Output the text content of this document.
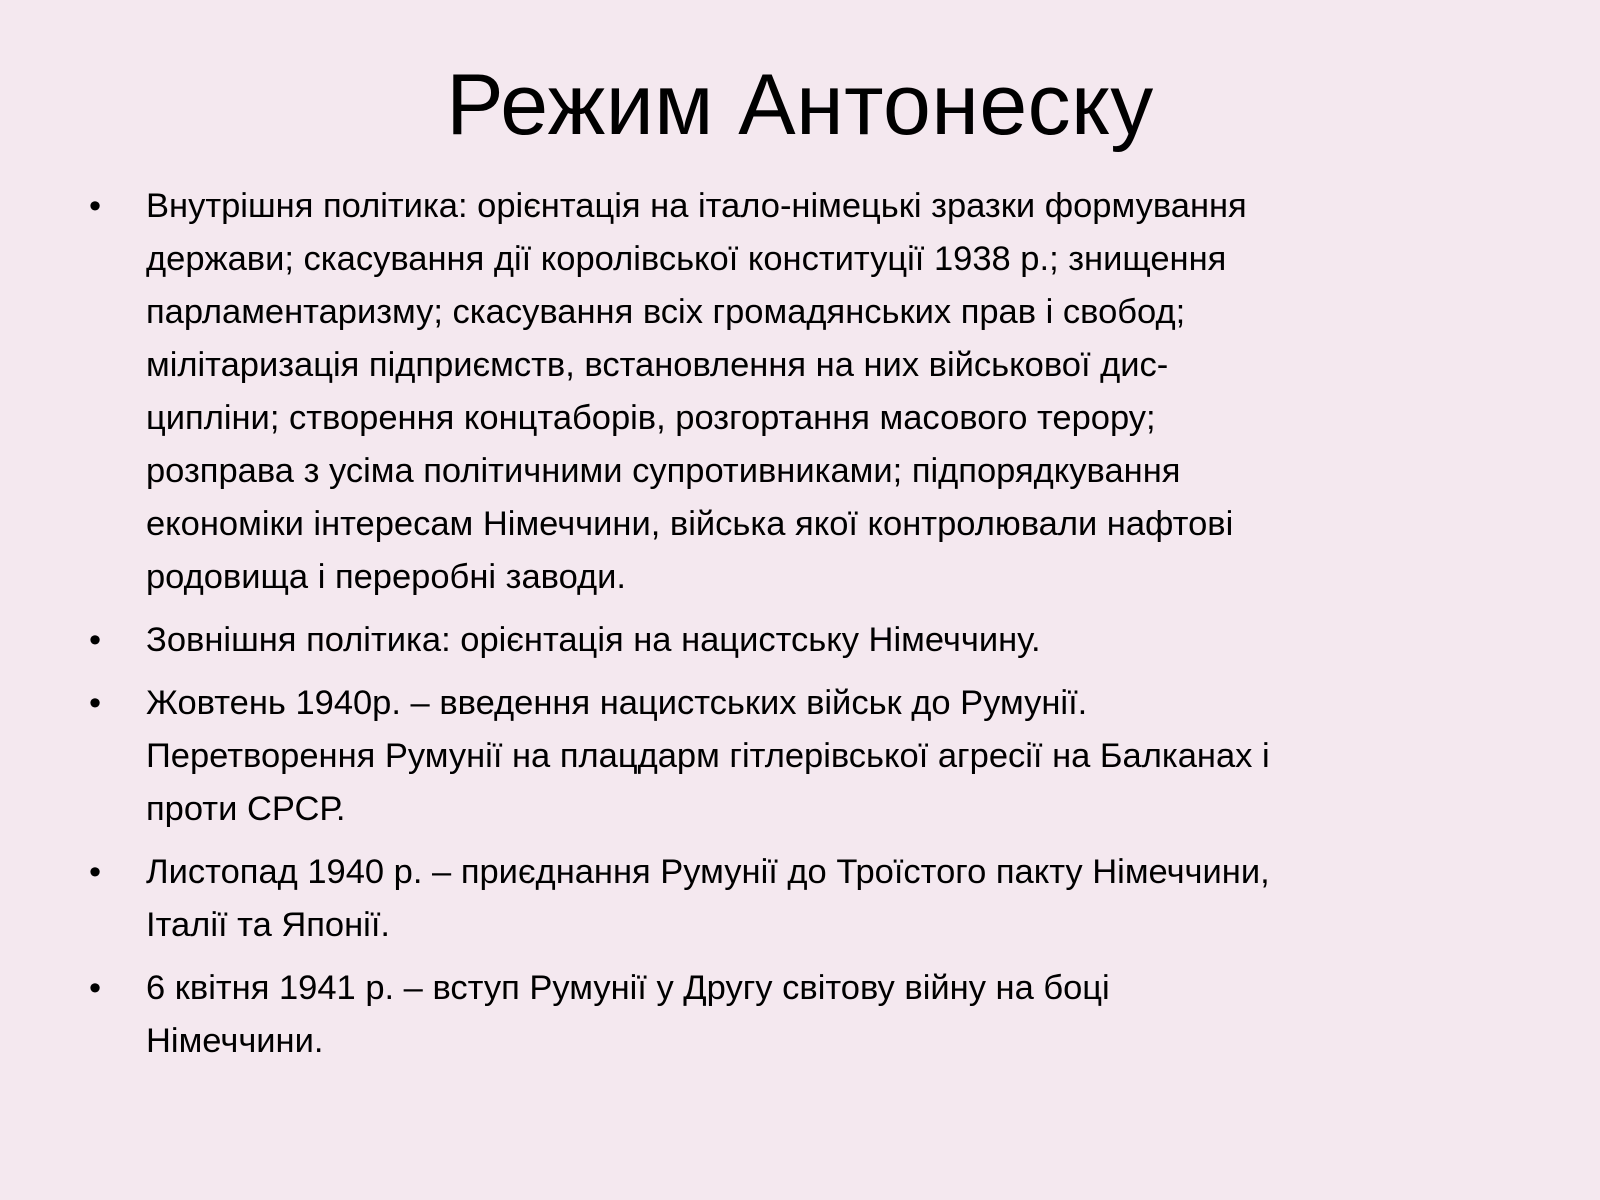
Режим Антонеску
• Внутрішня політика: орієнтація на італо-німецькі зразки формування
держави; скасування дії королівської конституції 1938 р.; знищення
парламентаризму; скасування всіх громадянських прав і свобод;
мілітаризація підприємств, встановлення на них військової дис-
ципліни; створення концтаборів, розгортання масового терору;
розправа з усіма політичними супротивниками; підпорядкування
економіки інтересам Німеччини, війська якої контролювали нафтові
родовища і переробні заводи.
• Зовнішня політика: орієнтація на нацистську Німеччину.
• Жовтень 1940р. – введення нацистських військ до Румунії.
Перетворення Румунії на плацдарм гітлерівської агресії на Балканах і
проти СРСР.
• Листопад 1940 р. – приєднання Румунії до Троїстого пакту Німеччини,
Італії та Японії.
• 6 квітня 1941 р. – вступ Румунії у Другу світову війну на боці
Німеччини.
